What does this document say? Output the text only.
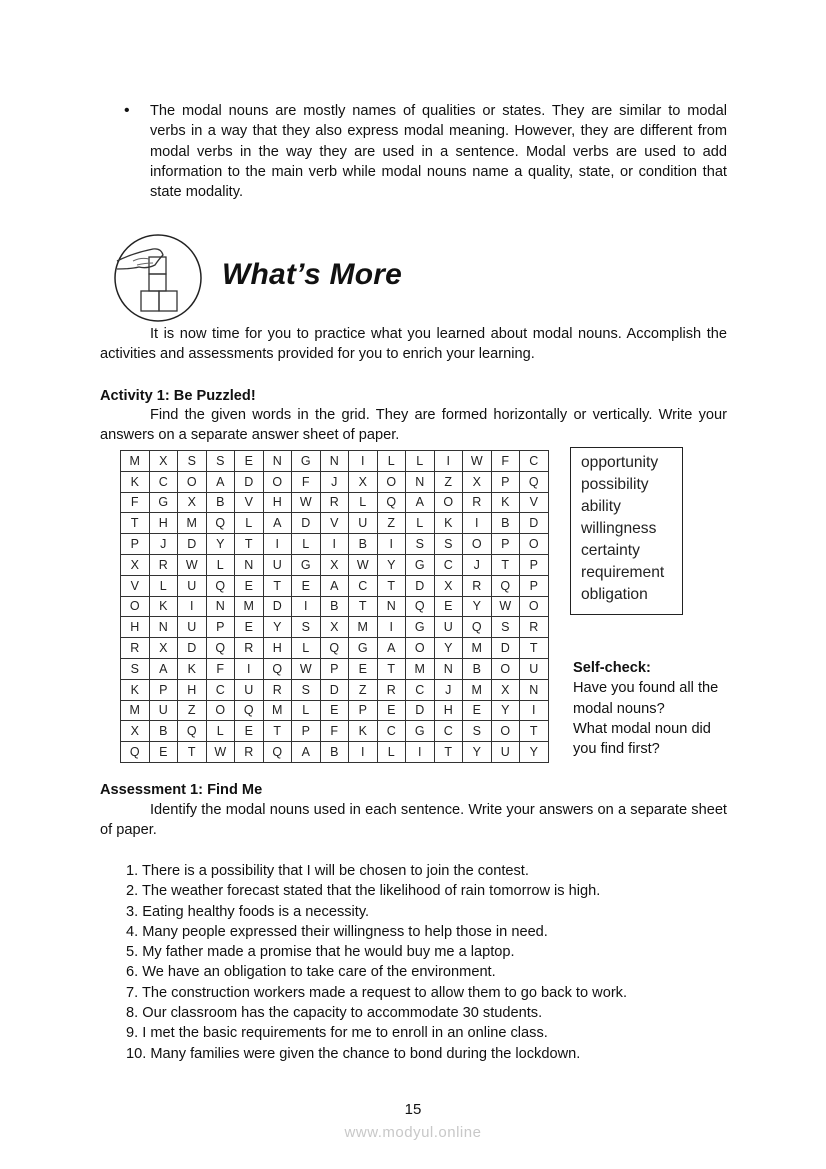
• The modal nouns are mostly names of qualities or states. They are similar to modal verbs in a way that they also express modal meaning. However, they are different from modal verbs in the way they are used in a sentence. Modal verbs are used to add information to the main verb while modal nouns name a quality, state, or condition that state modality.
What’s More
It is now time for you to practice what you learned about modal nouns. Accomplish the activities and assessments provided for you to enrich your learning.
Activity 1: Be Puzzled!
Find the given words in the grid. They are formed horizontally or vertically. Write your answers on a separate answer sheet of paper.
M	X	S	S	E	N	G	N	I	L	L	I	W	F	C
K	C	O	A	D	O	F	J	X	O	N	Z	X	P	Q
F	G	X	B	V	H	W	R	L	Q	A	O	R	K	V
T	H	M	Q	L	A	D	V	U	Z	L	K	I	B	D
P	J	D	Y	T	I	L	I	B	I	S	S	O	P	O
X	R	W	L	N	U	G	X	W	Y	G	C	J	T	P
V	L	U	Q	E	T	E	A	C	T	D	X	R	Q	P
O	K	I	N	M	D	I	B	T	N	Q	E	Y	W	O
H	N	U	P	E	Y	S	X	M	I	G	U	Q	S	R
R	X	D	Q	R	H	L	Q	G	A	O	Y	M	D	T
S	A	K	F	I	Q	W	P	E	T	M	N	B	O	U
K	P	H	C	U	R	S	D	Z	R	C	J	M	X	N
M	U	Z	O	Q	M	L	E	P	E	D	H	E	Y	I
X	B	Q	L	E	T	P	F	K	C	G	C	S	O	T
Q	E	T	W	R	Q	A	B	I	L	I	T	Y	U	Y
opportunity
possibility
ability
willingness
certainty
requirement
obligation
Self-check:
Have you found all the
modal nouns?
What modal noun did
you find first?
Assessment 1: Find Me
Identify the modal nouns used in each sentence. Write your answers on a separate sheet of paper.
1. There is a possibility that I will be chosen to join the contest.
2. The weather forecast stated that the likelihood of rain tomorrow is high.
3. Eating healthy foods is a necessity.
4. Many people expressed their willingness to help those in need.
5. My father made a promise that he would buy me a laptop.
6. We have an obligation to take care of the environment.
7. The construction workers made a request to allow them to go back to work.
8. Our classroom has the capacity to accommodate 30 students.
9. I met the basic requirements for me to enroll in an online class.
10. Many families were given the chance to bond during the lockdown.
15
www.modyul.online
